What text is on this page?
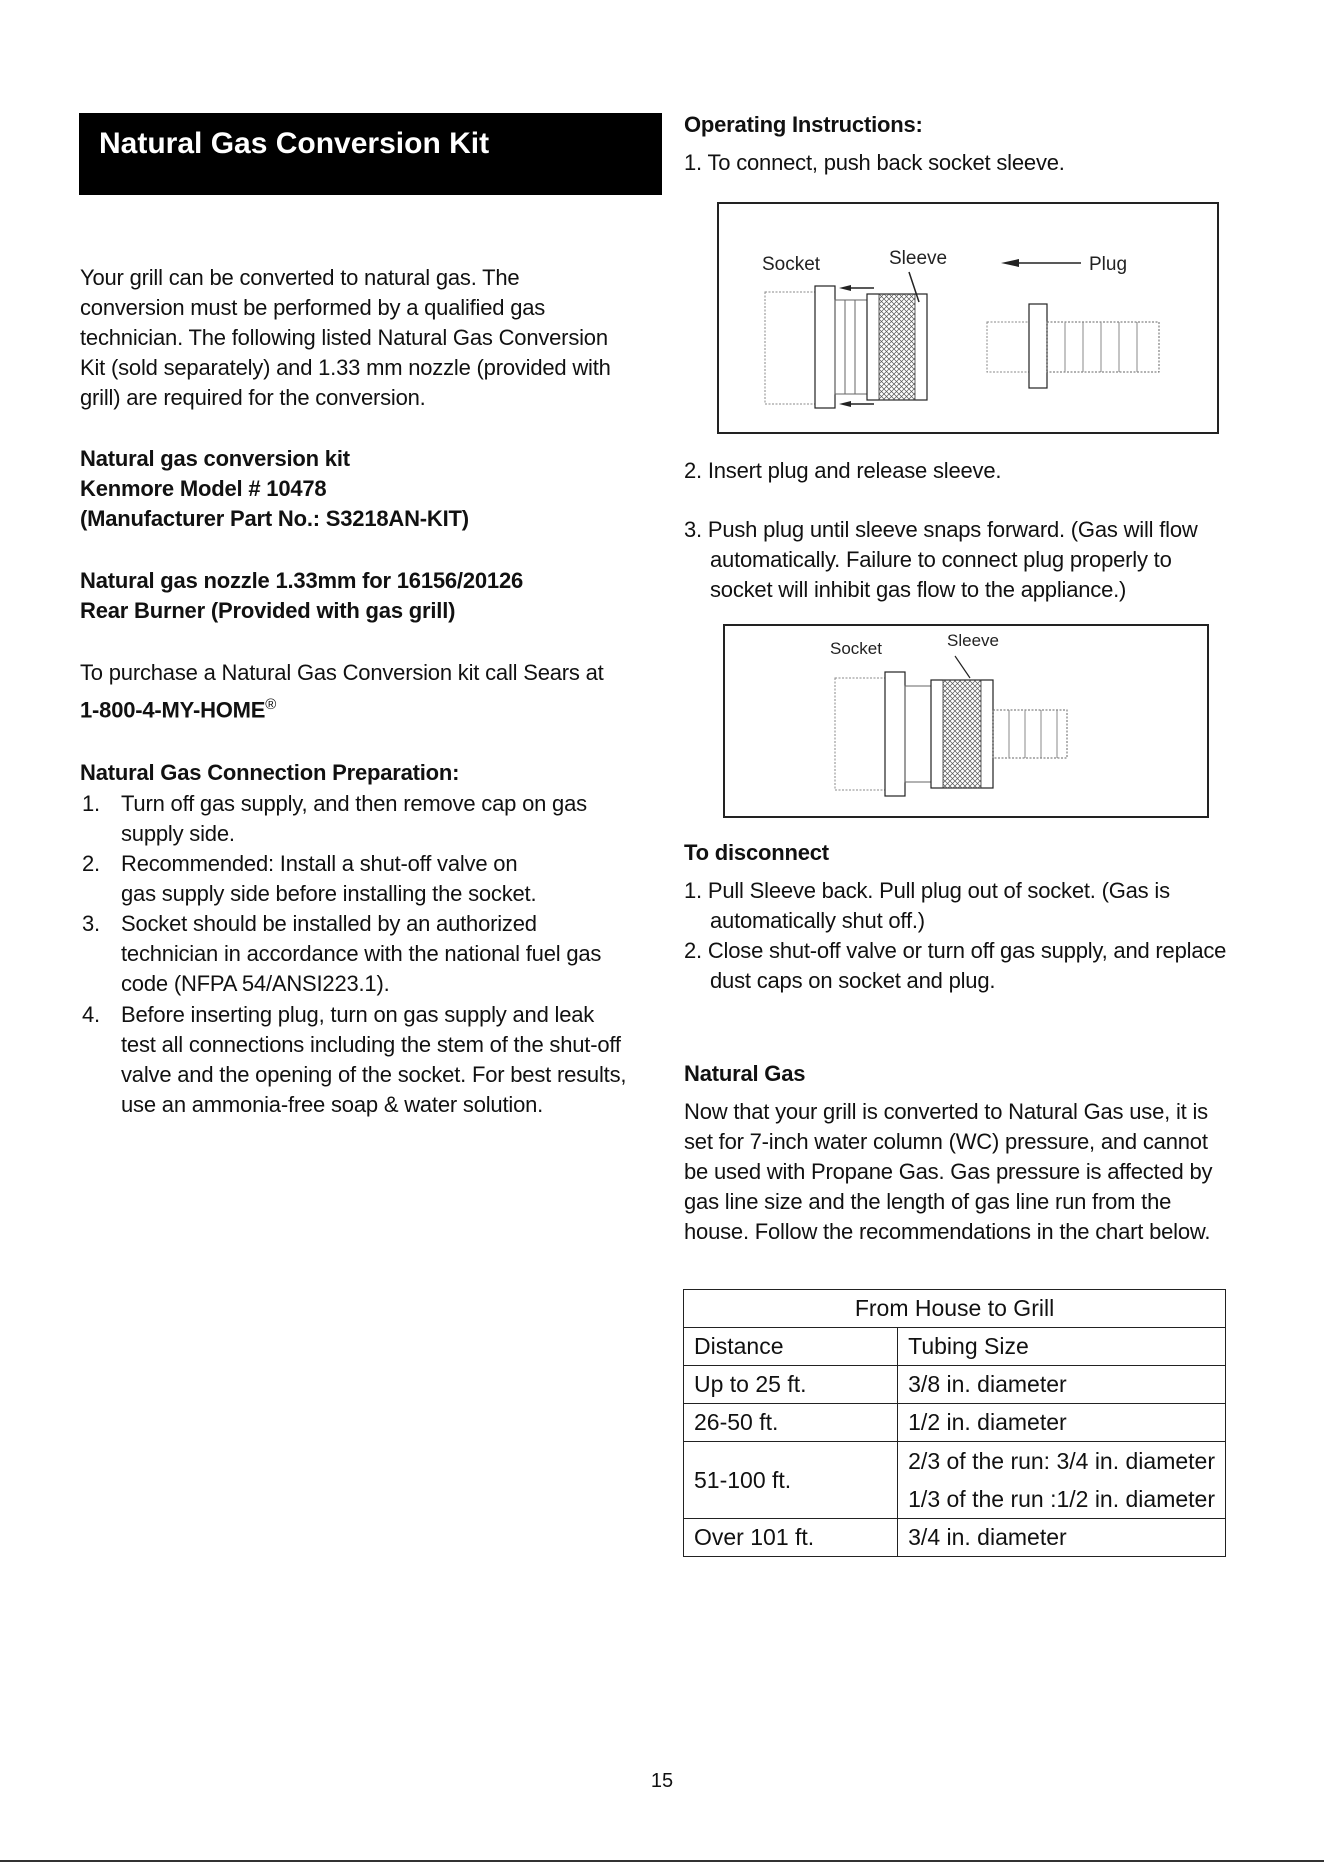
Natural Gas Conversion Kit

Your grill can be converted to natural gas. The

conversion must be performed by a qualified gas

technician. The following listed Natural Gas Conversion

Kit (sold separately) and 1.33 mm nozzle (provided with

grill) are required for the conversion.

Natural gas conversion kit

Kenmore Model # 10478

(Manufacturer Part No.: S3218AN-KIT)

Natural gas nozzle 1.33mm for 16156/20126

Rear Burner (Provided with gas grill)

To purchase a Natural Gas Conversion kit call Sears at

1-800-4-MY-HOME®

Natural Gas Connection Preparation:
1. Turn off gas supply, and then remove cap on gas

supply side.

2. Recommended: Install a shut-off valve on

gas supply side before installing the socket.

3. Socket should be installed by an authorized

technician in accordance with the national fuel gas

code (NFPA 54/ANSI223.1).

4. Before inserting plug, turn on gas supply and leak

test all connections including the stem of the shut-off

valve and the opening of the socket. For best results,

use an ammonia-free soap & water solution.

Operating Instructions:
1. To connect, push back socket sleeve.
Socket	Sleeve	Plug
2. Insert plug and release sleeve.

3. Push plug until sleeve snaps forward. (Gas will flow

automatically. Failure to connect plug properly to

socket will inhibit gas flow to the appliance.)

Socket	Sleeve
To disconnect

1. Pull Sleeve back. Pull plug out of socket. (Gas is

automatically shut off.)

2. Close shut-off valve or turn off gas supply, and replace

dust caps on socket and plug.

Natural Gas

Now that your grill is converted to Natural Gas use, it is

set for 7-inch water column (WC) pressure, and cannot

be used with Propane Gas. Gas pressure is affected by

gas line size and the length of gas line run from the

house. Follow the recommendations in the chart below.

From House to Grill	
Distance	Tubing Size
Up to 25 ft.	3/8 in. diameter
26-50 ft.	1/2 in. diameter
51-100 ft.	2/3 of the run: 3/4 in. diameter
1/3 of the run :1/2 in. diameter

Over 101 ft.	3/4 in. diameter
15
